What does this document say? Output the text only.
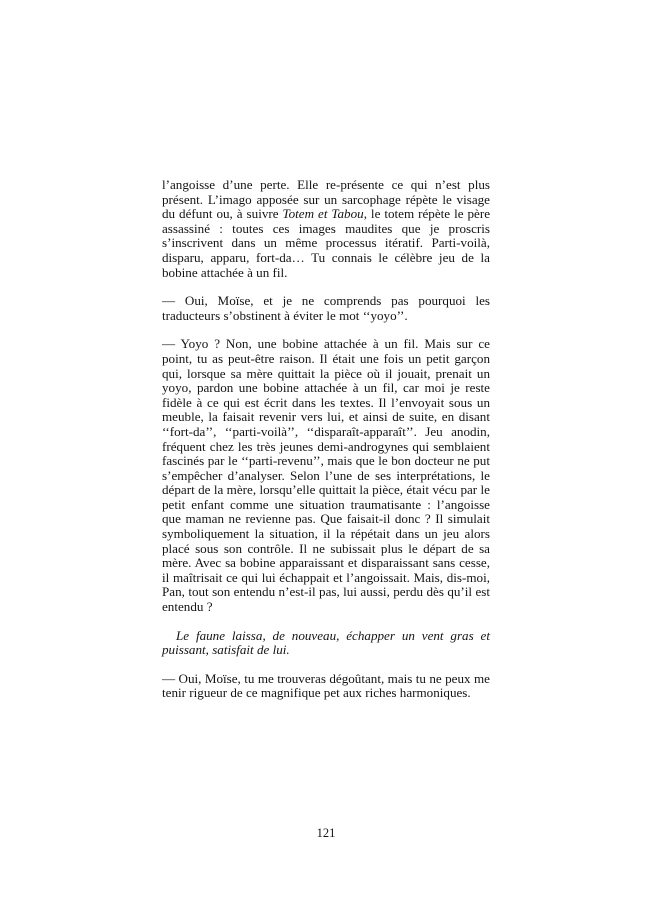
l’angoisse d’une perte. Elle re-présente ce qui n’est plus présent. L’imago apposée sur un sarcophage répète le visage du défunt ou, à suivre Totem et Tabou, le totem répète le père assassiné : toutes ces images maudites que je proscris s’inscrivent dans un même processus itératif. Parti-voilà, disparu, apparu, fort-da… Tu connais le célèbre jeu de la bobine attachée à un fil.

— Oui, Moïse, et je ne comprends pas pourquoi les traducteurs s’obstinent à éviter le mot ‘‘yoyo’’.

— Yoyo ? Non, une bobine attachée à un fil. Mais sur ce point, tu as peut-être raison. Il était une fois un petit garçon qui, lorsque sa mère quittait la pièce où il jouait, prenait un yoyo, pardon une bobine attachée à un fil, car moi je reste fidèle à ce qui est écrit dans les textes. Il l’envoyait sous un meuble, la faisait revenir vers lui, et ainsi de suite, en disant ‘‘fort-da’’, ‘‘parti-voilà’’, ‘‘disparaît-apparaît’’. Jeu anodin, fréquent chez les très jeunes demi-androgynes qui semblaient fascinés par le ‘‘parti-revenu’’, mais que le bon docteur ne put s’empêcher d’analyser. Selon l’une de ses interprétations, le départ de la mère, lorsqu’elle quittait la pièce, était vécu par le petit enfant comme une situation traumatisante : l’angoisse que maman ne revienne pas. Que faisait-il donc ? Il simulait symboliquement la situation, il la répétait dans un jeu alors placé sous son contrôle. Il ne subissait plus le départ de sa mère. Avec sa bobine apparaissant et disparaissant sans cesse, il maîtrisait ce qui lui échappait et l’angoissait. Mais, dis-moi, Pan, tout son entendu n’est-il pas, lui aussi, perdu dès qu’il est entendu ?

Le faune laissa, de nouveau, échapper un vent gras et puissant, satisfait de lui.

— Oui, Moïse, tu me trouveras dégoûtant, mais tu ne peux me tenir rigueur de ce magnifique pet aux riches harmoniques.

121
